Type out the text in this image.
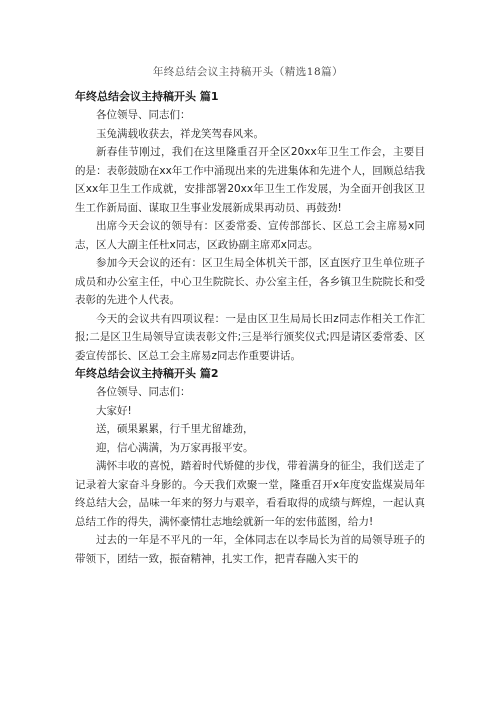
年终总结会议主持稿开头（精选18篇）
年终总结会议主持稿开头 篇1

各位领导、同志们：

玉兔满载收获去，祥龙笑驾春风来。

新春佳节刚过，我们在这里隆重召开全区20xx年卫生工作会，主要目的是：表彰鼓励在xx年工作中涌现出来的先进集体和先进个人，回顾总结我区xx年卫生工作成就，安排部署20xx年卫生工作发展，为全面开创我区卫生工作新局面、谋取卫生事业发展新成果再动员、再鼓劲!

出席今天会议的领导有：区委常委、宣传部部长、区总工会主席易x同志，区人大副主任杜x同志，区政协副主席邓x同志。

参加今天会议的还有：区卫生局全体机关干部，区直医疗卫生单位班子成员和办公室主任，中心卫生院院长、办公室主任，各乡镇卫生院院长和受表彰的先进个人代表。

今天的会议共有四项议程：一是由区卫生局局长田z同志作相关工作汇报;二是区卫生局领导宣读表彰文件;三是举行颁奖仪式;四是请区委常委、区委宣传部长、区总工会主席易z同志作重要讲话。

年终总结会议主持稿开头 篇2

各位领导、同志们：

大家好!

送，硕果累累，行千里尤留雄劲，

迎，信心满满，为万家再报平安。

满怀丰收的喜悦，踏着时代矫健的步伐，带着满身的征尘，我们送走了记录着大家奋斗身影的。今天我们欢聚一堂，隆重召开x年度安监煤炭局年终总结大会，品味一年来的努力与艰辛，看看取得的成绩与辉煌，一起认真总结工作的得失，满怀豪情壮志地绘就新一年的宏伟蓝图，给力!

过去的一年是不平凡的一年，全体同志在以李局长为首的局领导班子的带领下，团结一致，振奋精神，扎实工作，把青春融入实干的
